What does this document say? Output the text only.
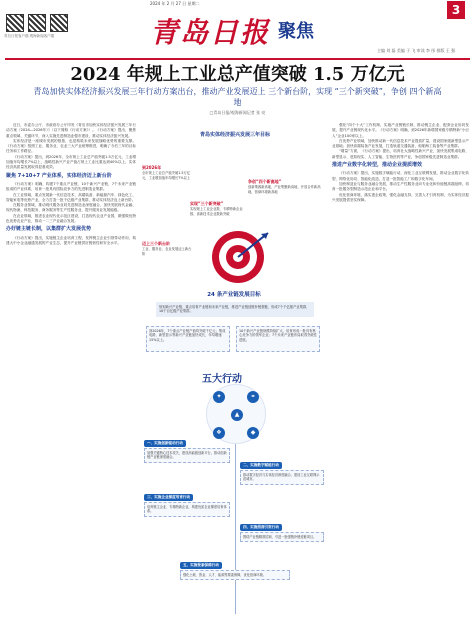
2024 年 2 月 27 日 星期二	3
青岛日报客户端 观海新闻客户端	青岛日报 聚焦
主编 刘 磊 美编 于 飞 审读 李 彤 排版 王 强
2024 年规上工业总产值突破 1.5 万亿元
青岛加快实体经济振兴发展三年行动方案出台，推动产业发展迈上 三个新台阶，实现 “三个新突破”，争创 四个新高地
□青岛日报/观海新闻记者 张 亮

近日，市委办公厅、市政府办公厅印发《青岛市加快实体经济振兴发展三年行动方案（2024—2026年）》（以下简称《行动方案》）。《行动方案》提出，聚焦重点领域、关键环节，深入实施先进制造业强市建设，推动实体经济振兴发展。

实体经济是一座城市发展的根基，也是构筑未来发展战略优势的重要支撑。《行动方案》按照工业、服务业、农业三大产业统筹推进，明确了今后三年的目标任务和工作路径。

《行动方案》提出，到2026年，全市规上工业总产值突破1.5万亿元，工业增加值年均增长7%以上，战略性新兴产业产值占规上工业比重达到40%以上，实体经济高质量发展取得显著成效。

聚焦 7+10+7 产业体系，实体经济迈上新台阶

《行动方案》明确，构建7个重点产业链、10个新兴产业链、7个未来产业链组成的产业体系，培育一批具有国际竞争力的先进制造业集群。

在工业领域，重点发展新一代信息技术、高端装备、新能源汽车、绿色化工、智能家电等优势产业，全力打造一批千亿级产业集群，推动实体经济迈上新台阶。

在服务业领域，推动现代服务业同先进制造业深度融合，加快发展现代金融、现代物流、科技服务、商务服务等生产性服务业，提升服务业发展能级。

在农业领域，推进农业现代化示范区建设，打造现代农业产业园，做强做优特色优势农业产业，推动一二三产业融合发展。

办好链主链长制，以集群扩大发展优势

《行动方案》提出，实施链主企业培育工程，发挥链主企业引领带动作用，构建大中小企业融通发展的产业生态，提升产业链供应链韧性和安全水平。

青岛实体经济振兴发展三年目标
到2026年
全市规上工业总产值突破1.5万亿元，工业增加值年均增长7%以上
实现“三个新突破”
实现规上工业企业数、专精特新企业数、高新技术企业数新突破
争创“四个新高地”
创新策源新高地、产业集聚新高地、开放合作新高地、营商环境新高地
迈上三个新台阶
工业、服务业、农业发展迈上新台阶
24 条产业链发展目标
规划新兴产业链、重点培育产业链和未来产业链，推进产业链延链补链强链，形成7个千亿级产业集群、10个百亿级产业集群。
到2026年，7个重点产业链产值均突破千亿元；集成电路、新型显示等新兴产业链加快成长，年均增速15%以上。
10个新兴产业链规模持续扩大，培育形成一批具有核心竞争力的领军企业；7个未来产业链布局取得突破性进展。
五大行动
✦	⚭
▲
❖	◆
一、实施创新驱动行动
加强关键核心技术攻关，建设高能级创新平台，推动创新链产业链深度融合。
二、实施数字赋能行动
推动数字经济与实体经济深度融合，建设工业互联网示范城市。
三、实施企业梯度培育行动
培育链主企业、专精特新企业，构建优质企业梯度培育体系。
四、实施招商引资行动
围绕产业链精准招商，引进一批强链补链延链项目。
五、实施要素保障行动
强化土地、资金、人才、能源等要素保障，优化营商环境。

强化“四个十大”工作机制，实施产业链链长制，推动链主企业、配套企业协同发展，提升产业链现代化水平。《行动方案》明确，到2026年新增国家级专精特新“小巨人”企业100家以上。

在优势产业领域，加快推动新一代信息技术产业提质扩量，建设国家级新型显示产业基地；加快高端装备产业发展，打造轨道交通装备、船舶海工装备等产业集群。

“增量”方面，《行动方案》提出，培育壮大战略性新兴产业，加快发展集成电路、新型显示、虚拟现实、人工智能、生物医药等产业，争创国家级先进制造业集群。

推进产业数字化转型，推动企业提质增效

《行动方案》提出，实施数字赋能行动，深化工业互联网发展，推动企业数字化转型、网络化协同、智能化改造，打造一批智能工厂和数字化车间。

加快制造业与服务业融合发展，推动生产性服务业向专业化和价值链高端延伸，培育一批服务型制造示范企业和平台。

优化营商环境，落实惠企政策，强化金融支持，完善人才引育机制，为实体经济振兴发展提供坚实保障。
